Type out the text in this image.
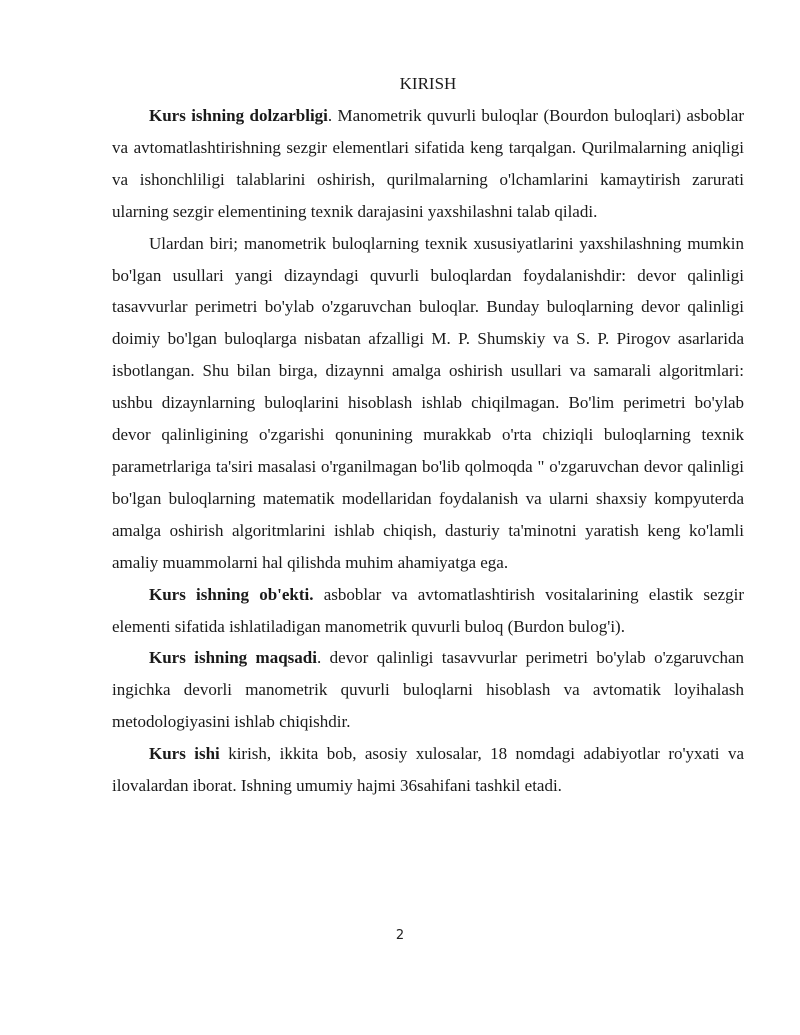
KIRISH

Kurs ishning dolzarbligi. Manometrik quvurli buloqlar (Bourdon buloqlari) asboblar va avtomatlashtirishning sezgir elementlari sifatida keng tarqalgan. Qurilmalarning aniqligi va ishonchliligi talablarini oshirish, qurilmalarning o'lchamlarini kamaytirish zarurati ularning sezgir elementining texnik darajasini yaxshilashni talab qiladi.

Ulardan biri; manometrik buloqlarning texnik xususiyatlarini yaxshilashning mumkin bo'lgan usullari yangi dizayndagi quvurli buloqlardan foydalanishdir: devor qalinligi tasavvurlar perimetri bo'ylab o'zgaruvchan buloqlar. Bunday buloqlarning devor qalinligi doimiy bo'lgan buloqlarga nisbatan afzalligi M. P. Shumskiy va S. P. Pirogov asarlarida isbotlangan. Shu bilan birga, dizaynni amalga oshirish usullari va samarali algoritmlari: ushbu dizaynlarning buloqlarini hisoblash ishlab chiqilmagan. Bo'lim perimetri bo'ylab devor qalinligining o'zgarishi qonunining murakkab o'rta chiziqli buloqlarning texnik parametrlariga ta'siri masalasi o'rganilmagan bo'lib qolmoqda " o'zgaruvchan devor qalinligi bo'lgan buloqlarning matematik modellaridan foydalanish va ularni shaxsiy kompyuterda amalga oshirish algoritmlarini ishlab chiqish, dasturiy ta'minotni yaratish keng ko'lamli amaliy muammolarni hal qilishda muhim ahamiyatga ega.

Kurs ishning ob'ekti. asboblar va avtomatlashtirish vositalarining elastik sezgir elementi sifatida ishlatiladigan manometrik quvurli buloq (Burdon bulog'i).

Kurs ishning maqsadi. devor qalinligi tasavvurlar perimetri bo'ylab o'zgaruvchan ingichka devorli manometrik quvurli buloqlarni hisoblash va avtomatik loyihalash metodologiyasini ishlab chiqishdir.

Kurs ishi kirish, ikkita bob, asosiy xulosalar, 18 nomdagi adabiyotlar ro'yxati va ilovalardan iborat. Ishning umumiy hajmi 36sahifani tashkil etadi.

2
